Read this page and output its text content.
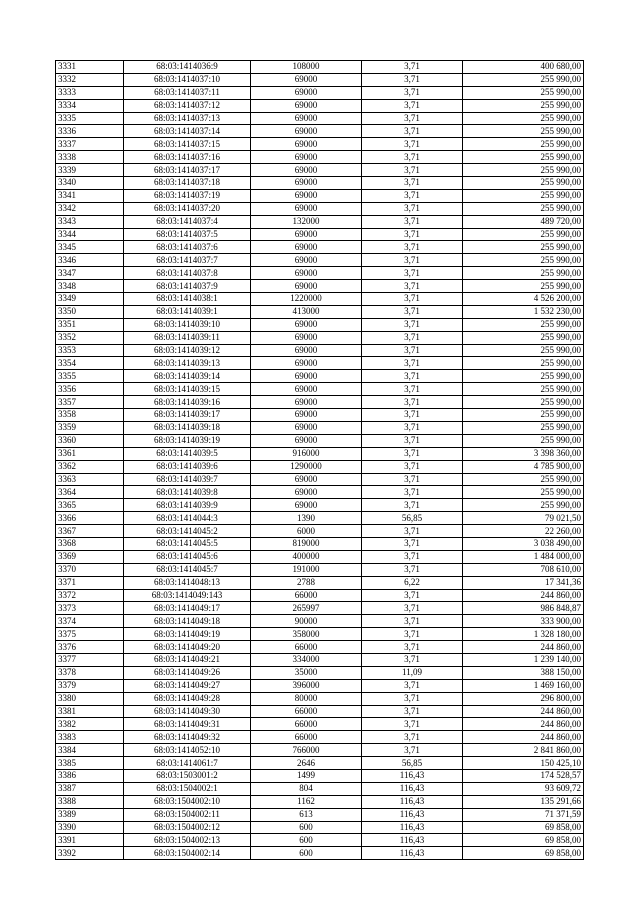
3331	68:03:1414036:9	108000	3,71	400 680,00
3332	68:03:1414037:10	69000	3,71	255 990,00
3333	68:03:1414037:11	69000	3,71	255 990,00
3334	68:03:1414037:12	69000	3,71	255 990,00
3335	68:03:1414037:13	69000	3,71	255 990,00
3336	68:03:1414037:14	69000	3,71	255 990,00
3337	68:03:1414037:15	69000	3,71	255 990,00
3338	68:03:1414037:16	69000	3,71	255 990,00
3339	68:03:1414037:17	69000	3,71	255 990,00
3340	68:03:1414037:18	69000	3,71	255 990,00
3341	68:03:1414037:19	69000	3,71	255 990,00
3342	68:03:1414037:20	69000	3,71	255 990,00
3343	68:03:1414037:4	132000	3,71	489 720,00
3344	68:03:1414037:5	69000	3,71	255 990,00
3345	68:03:1414037:6	69000	3,71	255 990,00
3346	68:03:1414037:7	69000	3,71	255 990,00
3347	68:03:1414037:8	69000	3,71	255 990,00
3348	68:03:1414037:9	69000	3,71	255 990,00
3349	68:03:1414038:1	1220000	3,71	4 526 200,00
3350	68:03:1414039:1	413000	3,71	1 532 230,00
3351	68:03:1414039:10	69000	3,71	255 990,00
3352	68:03:1414039:11	69000	3,71	255 990,00
3353	68:03:1414039:12	69000	3,71	255 990,00
3354	68:03:1414039:13	69000	3,71	255 990,00
3355	68:03:1414039:14	69000	3,71	255 990,00
3356	68:03:1414039:15	69000	3,71	255 990,00
3357	68:03:1414039:16	69000	3,71	255 990,00
3358	68:03:1414039:17	69000	3,71	255 990,00
3359	68:03:1414039:18	69000	3,71	255 990,00
3360	68:03:1414039:19	69000	3,71	255 990,00
3361	68:03:1414039:5	916000	3,71	3 398 360,00
3362	68:03:1414039:6	1290000	3,71	4 785 900,00
3363	68:03:1414039:7	69000	3,71	255 990,00
3364	68:03:1414039:8	69000	3,71	255 990,00
3365	68:03:1414039:9	69000	3,71	255 990,00
3366	68:03:1414044:3	1390	56,85	79 021,50
3367	68:03:1414045:2	6000	3,71	22 260,00
3368	68:03:1414045:5	819000	3,71	3 038 490,00
3369	68:03:1414045:6	400000	3,71	1 484 000,00
3370	68:03:1414045:7	191000	3,71	708 610,00
3371	68:03:1414048:13	2788	6,22	17 341,36
3372	68:03:1414049:143	66000	3,71	244 860,00
3373	68:03:1414049:17	265997	3,71	986 848,87
3374	68:03:1414049:18	90000	3,71	333 900,00
3375	68:03:1414049:19	358000	3,71	1 328 180,00
3376	68:03:1414049:20	66000	3,71	244 860,00
3377	68:03:1414049:21	334000	3,71	1 239 140,00
3378	68:03:1414049:26	35000	11,09	388 150,00
3379	68:03:1414049:27	396000	3,71	1 469 160,00
3380	68:03:1414049:28	80000	3,71	296 800,00
3381	68:03:1414049:30	66000	3,71	244 860,00
3382	68:03:1414049:31	66000	3,71	244 860,00
3383	68:03:1414049:32	66000	3,71	244 860,00
3384	68:03:1414052:10	766000	3,71	2 841 860,00
3385	68:03:1414061:7	2646	56,85	150 425,10
3386	68:03:1503001:2	1499	116,43	174 528,57
3387	68:03:1504002:1	804	116,43	93 609,72
3388	68:03:1504002:10	1162	116,43	135 291,66
3389	68:03:1504002:11	613	116,43	71 371,59
3390	68:03:1504002:12	600	116,43	69 858,00
3391	68:03:1504002:13	600	116,43	69 858,00
3392	68:03:1504002:14	600	116,43	69 858,00
